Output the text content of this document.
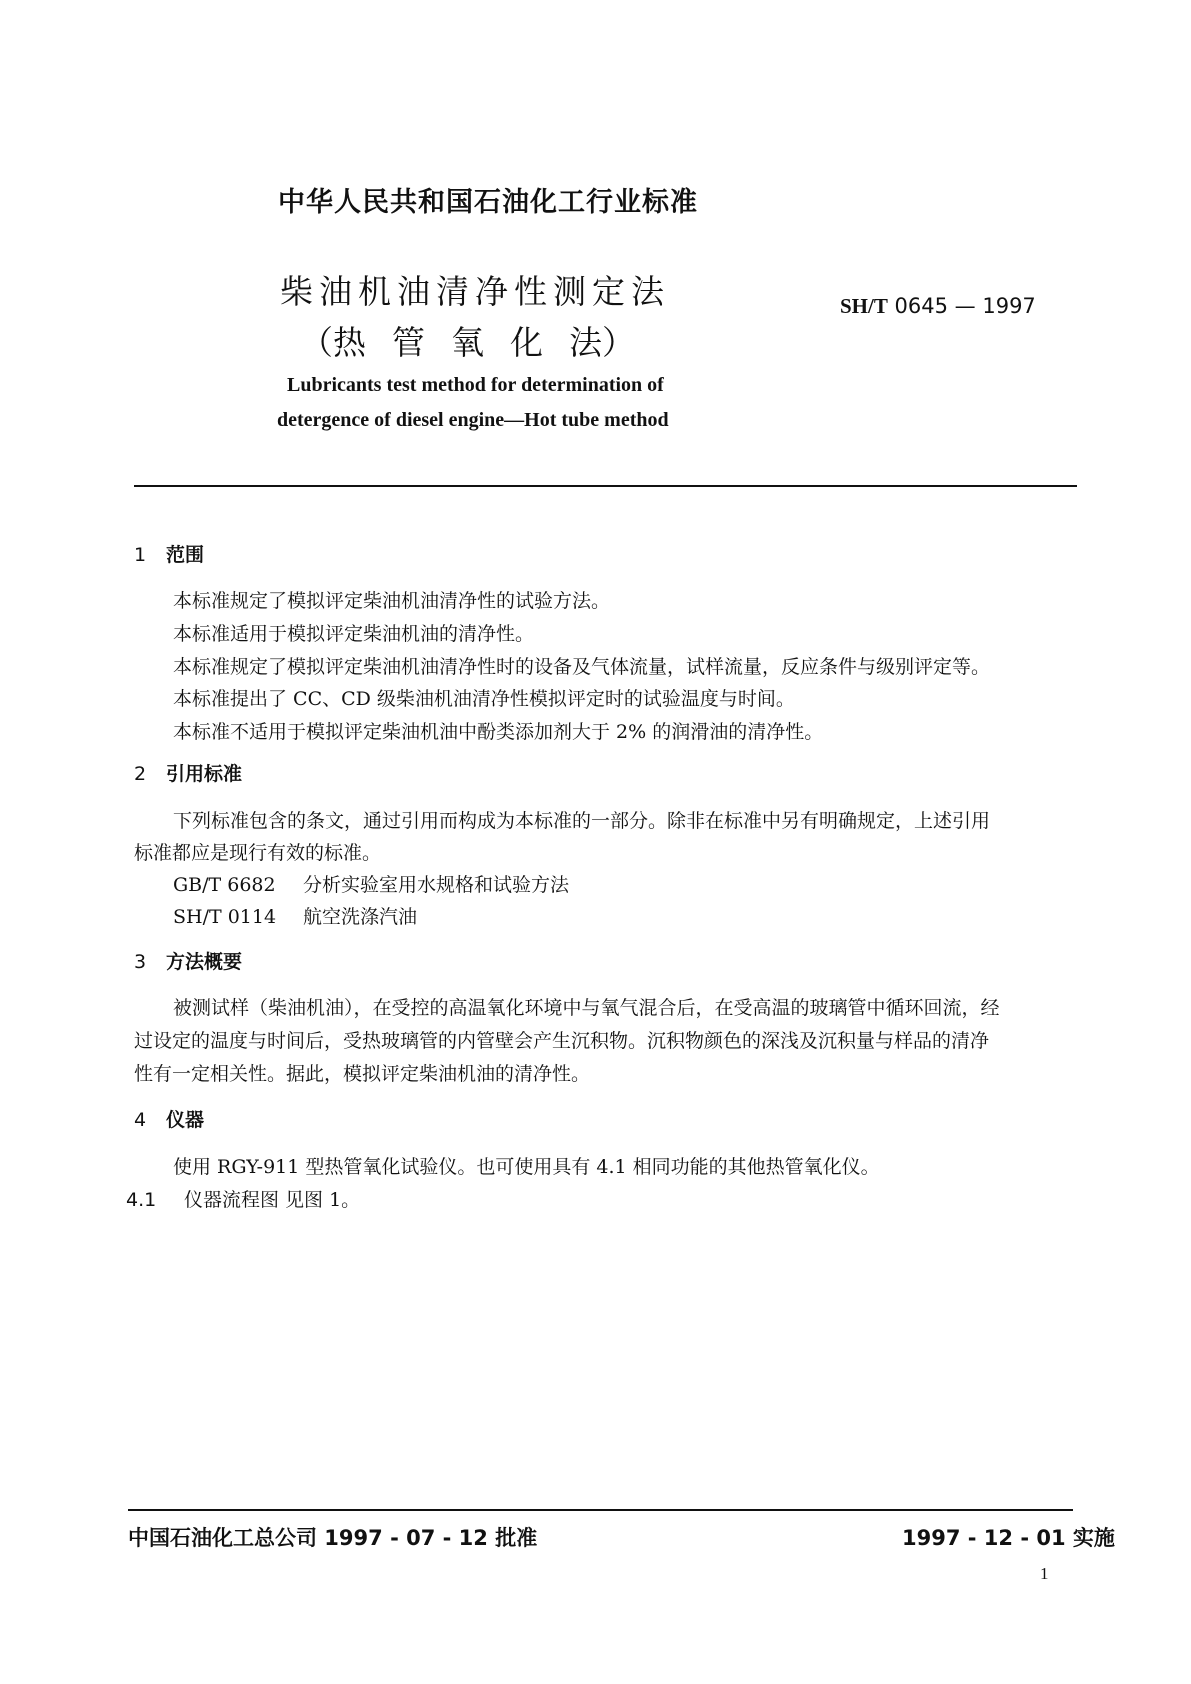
中华人民共和国石油化工行业标准
柴油机油清净性测定法
（热 管 氧 化 法）
SH/T 0645 — 1997
Lubricants test method for determination of
detergence of diesel engine—Hot tube method
1 范围
本标准规定了模拟评定柴油机油清净性的试验方法。
本标准适用于模拟评定柴油机油的清净性。
本标准规定了模拟评定柴油机油清净性时的设备及气体流量，试样流量，反应条件与级别评定等。
本标准提出了 CC、CD 级柴油机油清净性模拟评定时的试验温度与时间。
本标准不适用于模拟评定柴油机油中酚类添加剂大于 2% 的润滑油的清净性。
2 引用标准
下列标准包含的条文，通过引用而构成为本标准的一部分。除非在标准中另有明确规定，上述引用
标准都应是现行有效的标准。
GB/T 6682 分析实验室用水规格和试验方法
SH/T 0114 航空洗涤汽油
3 方法概要
被测试样（柴油机油），在受控的高温氧化环境中与氧气混合后，在受高温的玻璃管中循环回流，经
过设定的温度与时间后，受热玻璃管的内管壁会产生沉积物。沉积物颜色的深浅及沉积量与样品的清净
性有一定相关性。据此，模拟评定柴油机油的清净性。
4 仪器
使用 RGY-911 型热管氧化试验仪。也可使用具有 4.1 相同功能的其他热管氧化仪。
4.1 仪器流程图 见图 1。
中国石油化工总公司 1997 - 07 - 12 批准	1997 - 12 - 01 实施
1
